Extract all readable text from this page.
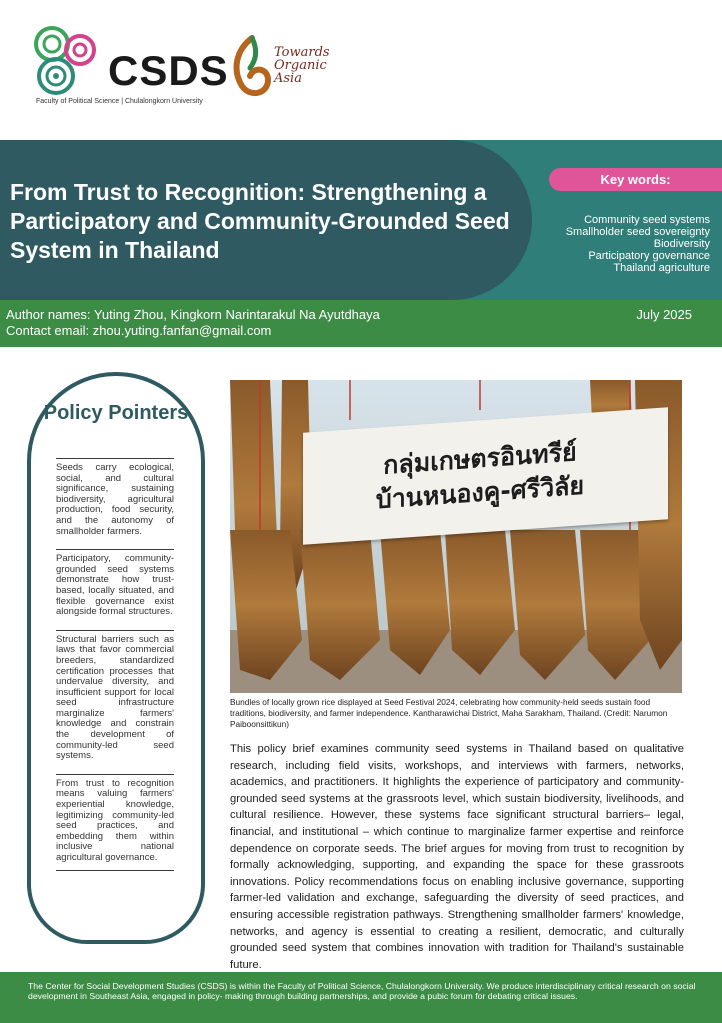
CSDS
Faculty of Political Science | Chulalongkorn University
Towards
Organic
Asia
From Trust to Recognition: Strengthening a Participatory and Community-Grounded Seed System in Thailand
Key words:
Community seed systems
Smallholder seed sovereignty
Biodiversity
Participatory governance
Thailand agriculture
Author names: Yuting Zhou, Kingkorn Narintarakul Na Ayutdhaya
Contact email: zhou.yuting.fanfan@gmail.com
July 2025
Policy Pointers
Seeds carry ecological, social, and cultural significance, sustaining biodiversity, agricultural production, food security, and the autonomy of smallholder farmers.
Participatory, community-grounded seed systems demonstrate how trust-based, locally situated, and flexible governance exist alongside formal structures.
Structural barriers such as laws that favor commercial breeders, standardized certification processes that undervalue diversity, and insufficient support for local seed infrastructure marginalize farmers' knowledge and constrain the development of community-led seed systems.
From trust to recognition means valuing farmers' experiential knowledge, legitimizing community-led seed practices, and embedding them within inclusive national agricultural governance.
กลุ่มเกษตรอินทรีย์
บ้านหนองคู-ศรีวิลัย

Bundles of locally grown rice displayed at Seed Festival 2024, celebrating how community-held seeds sustain food traditions, biodiversity, and farmer independence. Kantharawichai District, Maha Sarakham, Thailand. (Credit: Narumon Paiboonsittikun)

This policy brief examines community seed systems in Thailand based on qualitative research, including field visits, workshops, and interviews with farmers, networks, academics, and practitioners. It highlights the experience of participatory and community-grounded seed systems at the grassroots level, which sustain biodiversity, livelihoods, and cultural resilience. However, these systems face significant structural barriers– legal, financial, and institutional – which continue to marginalize farmer expertise and reinforce dependence on corporate seeds. The brief argues for moving from trust to recognition by formally acknowledging, supporting, and expanding the space for these grassroots innovations. Policy recommendations focus on enabling inclusive governance, supporting farmer-led validation and exchange, safeguarding the diversity of seed practices, and ensuring accessible registration pathways. Strengthening smallholder farmers' knowledge, networks, and agency is essential to creating a resilient, democratic, and culturally grounded seed system that combines innovation with tradition for Thailand's sustainable future.

The Center for Social Development Studies (CSDS) is within the Faculty of Political Science, Chulalongkorn University. We produce interdisciplinary critical research on social development in Southeast Asia, engaged in policy- making through building partnerships, and provide a pubic forum for debating critical issues.
